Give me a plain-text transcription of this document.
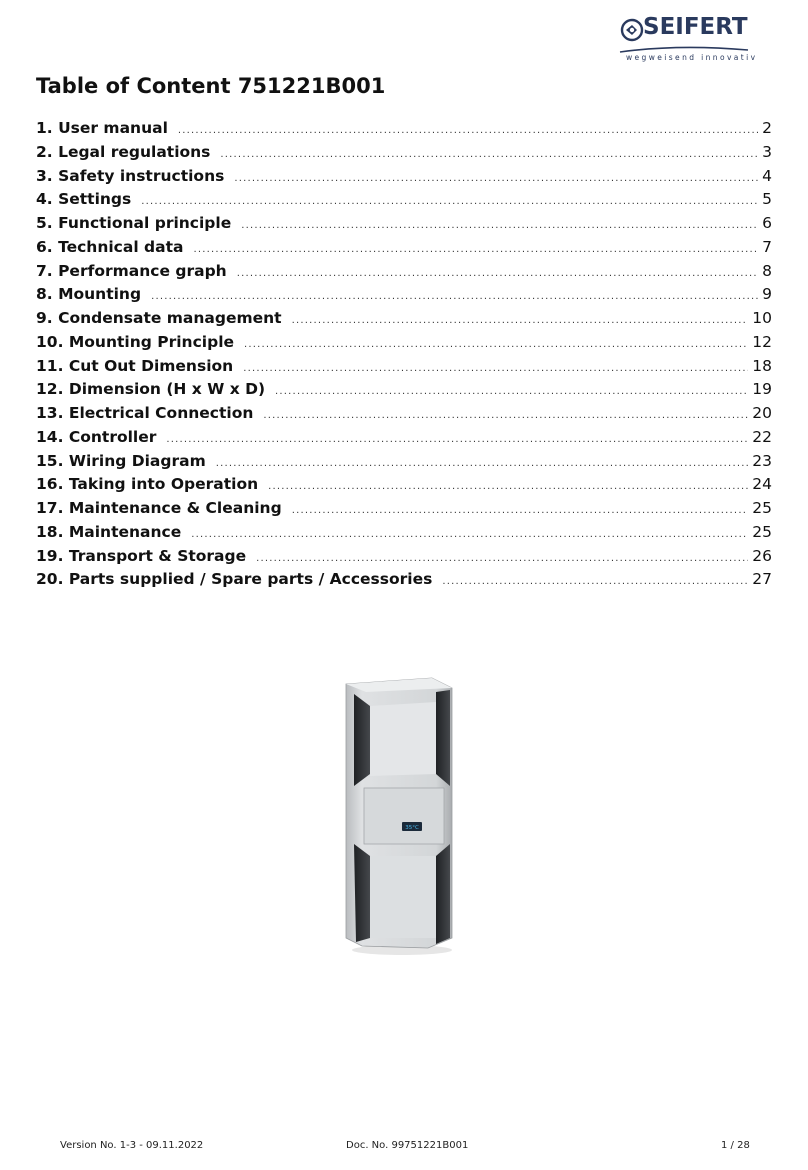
SEIFERT
wegweisend innovativ
Table of Content 751221B001
1. User manual .....	2
2. Legal regulations .....	3
3. Safety instructions .....	4
4. Settings .....	5
5. Functional principle .....	6
6. Technical data .....	7
7. Performance graph .....	8
8. Mounting .....	9
9. Condensate management .....	10
10. Mounting Principle .....	12
11. Cut Out Dimension .....	18
12. Dimension (H x W x D) .....	19
13. Electrical Connection .....	20
14. Controller .....	22
15. Wiring Diagram .....	23
16. Taking into Operation .....	24
17. Maintenance & Cleaning .....	25
18. Maintenance .....	25
19. Transport & Storage .....	26
20. Parts supplied / Spare parts / Accessories .....	27
35°C
Version No. 1-3 - 09.11.2022	Doc. No. 99751221B001	1 / 28
